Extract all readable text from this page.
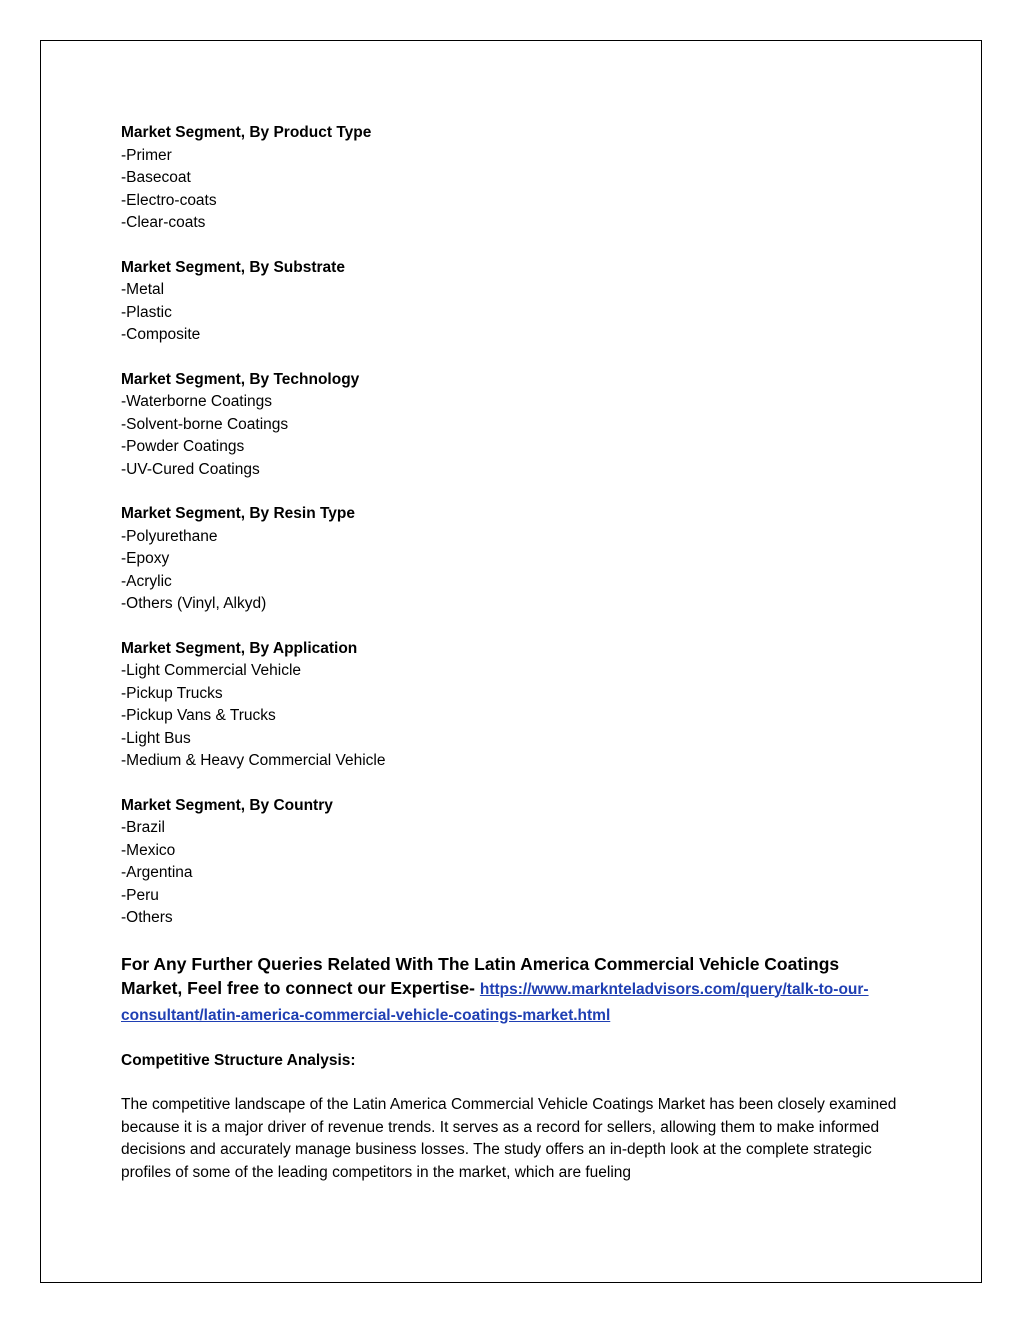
Market Segment, By Product Type
-Primer
-Basecoat
-Electro-coats
-Clear-coats
Market Segment, By Substrate
-Metal
-Plastic
-Composite
Market Segment, By Technology
-Waterborne Coatings
-Solvent-borne Coatings
-Powder Coatings
-UV-Cured Coatings
Market Segment, By Resin Type
-Polyurethane
-Epoxy
-Acrylic
-Others (Vinyl, Alkyd)
Market Segment, By Application
-Light Commercial Vehicle
-Pickup Trucks
-Pickup Vans & Trucks
-Light Bus
-Medium & Heavy Commercial Vehicle
Market Segment, By Country
-Brazil
-Mexico
-Argentina
-Peru
-Others
For Any Further Queries Related With The Latin America Commercial Vehicle Coatings Market, Feel free to connect our Expertise- https://www.marknteladvisors.com/query/talk-to-our-consultant/latin-america-commercial-vehicle-coatings-market.html
Competitive Structure Analysis:
The competitive landscape of the Latin America Commercial Vehicle Coatings Market has been closely examined because it is a major driver of revenue trends. It serves as a record for sellers, allowing them to make informed decisions and accurately manage business losses. The study offers an in-depth look at the complete strategic profiles of some of the leading competitors in the market, which are fueling
